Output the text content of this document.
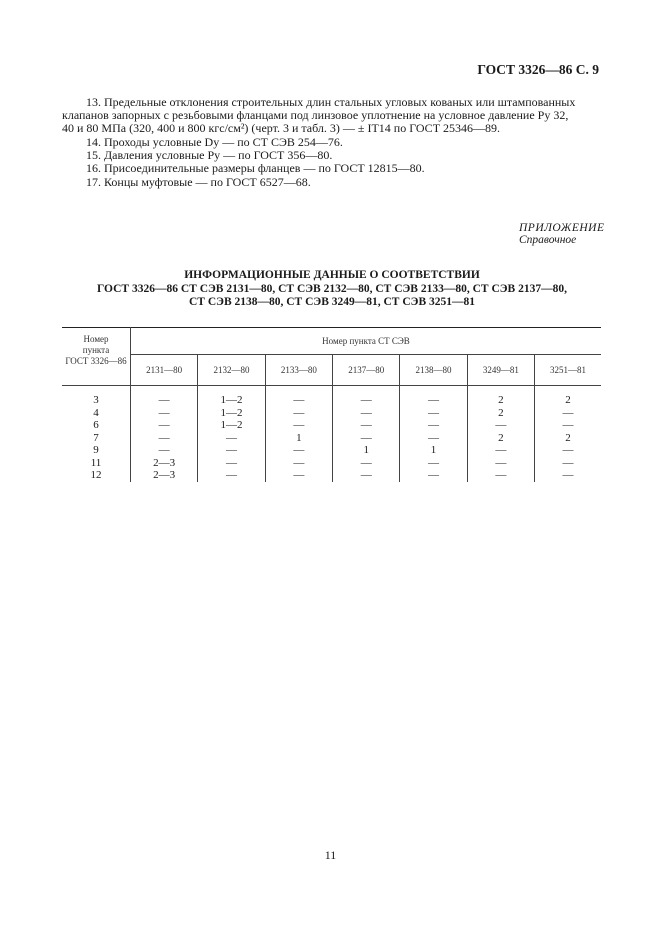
ГОСТ 3326—86 С. 9

13. Предельные отклонения строительных длин стальных угловых кованых или штампованных

клапанов запорных с резьбовыми фланцами под линзовое уплотнение на условное давление Pу 32,
40 и 80 МПа (320, 400 и 800 кгс/см²) (черт. 3 и табл. 3) — ± IT14 по ГОСТ 25346—89.
14. Проходы условные Dу — по СТ СЭВ 254—76.
15. Давления условные Pу — по ГОСТ 356—80.
16. Присоединительные размеры фланцев — по ГОСТ 12815—80.
17. Концы муфтовые — по ГОСТ 6527—68.
ПРИЛОЖЕНИЕ
Справочное
ИНФОРМАЦИОННЫЕ ДАННЫЕ О СООТВЕТСТВИИ
ГОСТ 3326—86 СТ СЭВ 2131—80, СТ СЭВ 2132—80, СТ СЭВ 2133—80, СТ СЭВ 2137—80,
СТ СЭВ 2138—80, СТ СЭВ 3249—81, СТ СЭВ 3251—81
Номер
пункта
ГОСТ 3326—86	Номер пункта СТ СЭВ						
	2131—80	2132—80	2133—80	2137—80	2138—80	3249—81	3251—81
3	—	1—2	—	—	—	2	2
4	—	1—2	—	—	—	2	—
6	—	1—2	—	—	—	—	—
7	—	—	1	—	—	2	2
9	—	—	—	1	1	—	—
11	2—3	—	—	—	—	—	—
12	2—3	—	—	—	—	—	—
11
